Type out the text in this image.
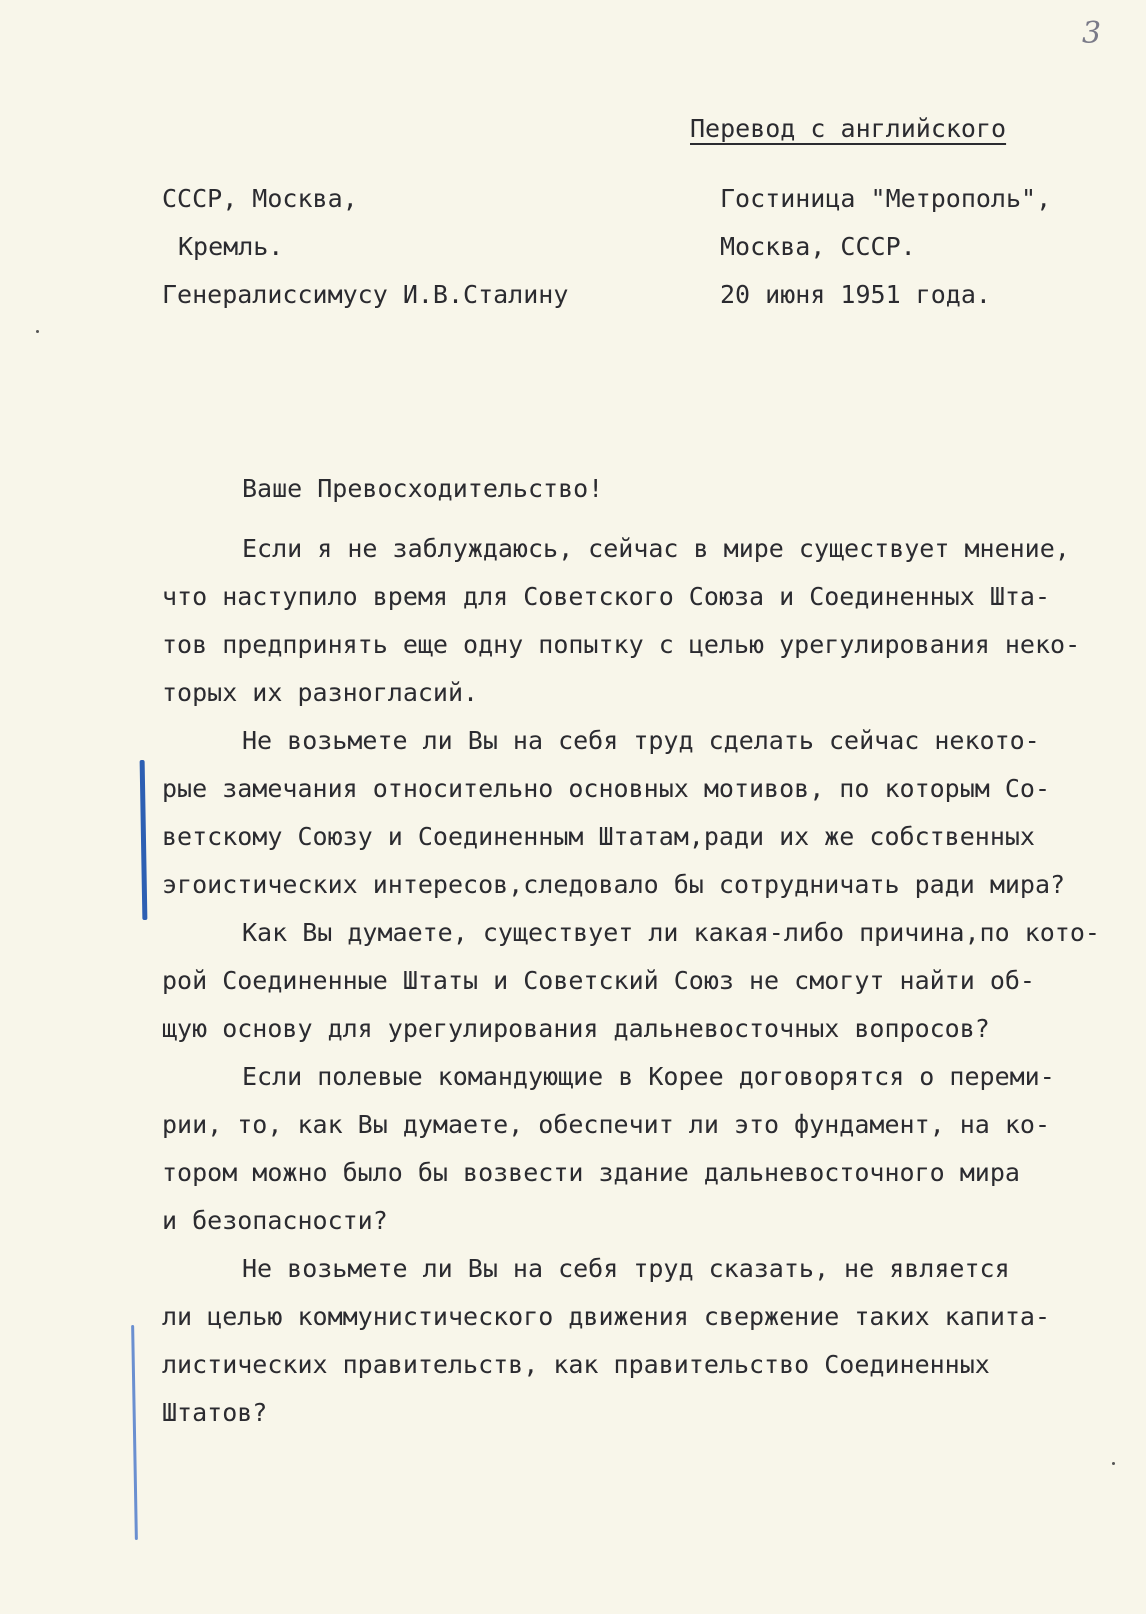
3
Перевод с английского
СССР, Москва,
Кремль.
Генералиссимусу И.В.Сталину
Гостиница "Метрополь",
Москва, СССР.
20 июня 1951 года.
Ваше Превосходительство!
Если я не заблуждаюсь, сейчас в мире существует мнение,
что наступило время для Советского Союза и Соединенных Шта-
тов предпринять еще одну попытку с целью урегулирования неко-
торых их разногласий.
Не возьмете ли Вы на себя труд сделать сейчас некото-
рые замечания относительно основных мотивов, по которым Со-
ветскому Союзу и Соединенным Штатам,ради их же собственных
эгоистических интересов,следовало бы сотрудничать ради мира?
Как Вы думаете, существует ли какая-либо причина,по кото-
рой Соединенные Штаты и Советский Союз не смогут найти об-
щую основу для урегулирования дальневосточных вопросов?
Если полевые командующие в Корее договорятся о переми-
рии, то, как Вы думаете, обеспечит ли это фундамент, на ко-
тором можно было бы возвести здание дальневосточного мира
и безопасности?
Не возьмете ли Вы на себя труд сказать, не является
ли целью коммунистического движения свержение таких капита-
листических правительств, как правительство Соединенных
Штатов?
